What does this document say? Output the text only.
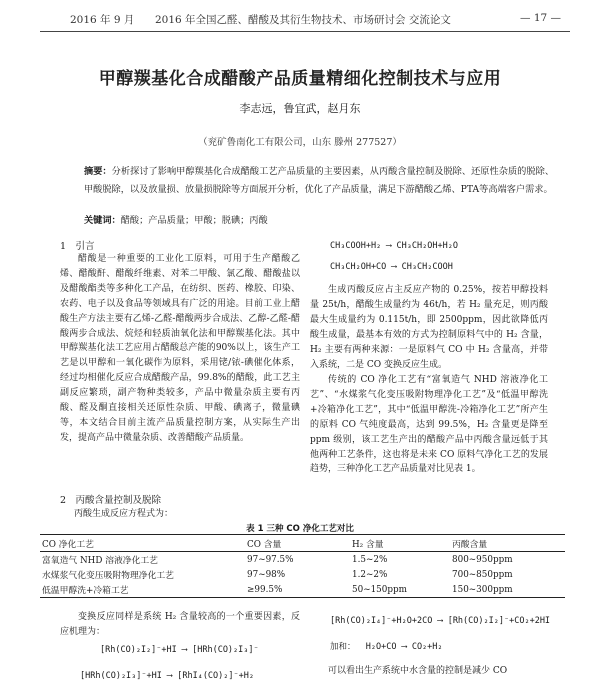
2016 年 9 月 2016 年全国乙醛、醋酸及其衍生物技术、市场研讨会 交流论文	— 17 —
甲醇羰基化合成醋酸产品质量精细化控制技术与应用
李志远，鲁宜武，赵月东
（兖矿鲁南化工有限公司，山东 滕州 277527）
摘要：分析探讨了影响甲醇羰基化合成醋酸工艺产品质量的主要因素，从丙酸含量控制及脱除、还原性杂质的脱除、甲酸脱除，以及放量损、放量损脱除等方面展开分析，优化了产品质量，满足下游醋酸乙烯、PTA等高端客户需求。
关键词：醋酸；产品质量；甲酸；脱碘；丙酸
1　引言
醋酸是一种重要的工业化工原料，可用于生产醋酸乙烯、醋酸酐、醋酸纤维素、对苯二甲酸、氯乙酸、醋酸盐以及醋酸酯类等多种化工产品，在纺织、医药、橡胶、印染、农药、电子以及食品等领域具有广泛的用途。目前工业上醋酸生产方法主要有乙烯-乙醛-醋酸两步合成法、乙醇-乙醛-醋酸两步合成法、烷烃和轻质油氧化法和甲醇羰基化法。其中甲醇羰基化法工艺应用占醋酸总产能的90%以上，该生产工艺是以甲醇和一氧化碳作为原料，采用铑/铱-碘催化体系，经过均相催化反应合成醋酸产品，99.8%的醋酸，此工艺主副反应繁琐，副产物种类较多，产品中微量杂质主要有丙酸、醛及酮直接相关还原性杂质、甲酸、碘离子，微量碘等，本文结合目前主流产品质量控制方案，从实际生产出发，提高产品中微量杂质、改善醋酸产品质量。
2　丙酸含量控制及脱除
丙酸生成反应方程式为：
CH₃COOH+H₂ ⟶ CH₃CH₂OH+H₂O
CH₃CH₂OH+CO ⟶ CH₃CH₂COOH
生成丙酸反应占主反应产物的 0.25%，按若甲醇投料量 25t/h，醋酸生成量约为 46t/h，若 H₂ 量充足，则丙酸最大生成量约为 0.115t/h，即 2500ppm，因此欲降低丙酸生成量，最基本有效的方式为控制原料气中的 H₂ 含量，H₂ 主要有两种来源：一是原料气 CO 中 H₂ 含量高，并带入系统，二是 CO 变换反应生成。
传统的 CO 净化工艺有“富氧造气 NHD 溶液净化工艺”、“水煤浆气化变压吸附物理净化工艺”及“低温甲醇洗+冷箱净化工艺”，其中“低温甲醇洗-冷箱净化工艺”所产生的原料 CO 气纯度最高，达到 99.5%，H₂ 含量更是降至 ppm 级别，该工艺生产出的醋酸产品中丙酸含量远低于其他两种工艺条件，这也将是未来 CO 原料气净化工艺的发展趋势，三种净化工艺产品质量对比见表 1。
表 1 三种 CO 净化工艺对比
CO 净化工艺	CO 含量	H₂ 含量	丙酸含量
富氧造气 NHD 溶液净化工艺	97~97.5%	1.5~2%	800~950ppm
水煤浆气化变压吸附物理净化工艺	97~98%	1.2~2%	700~850ppm
低温甲醇洗+冷箱工艺	≥99.5%	50~150ppm	150~300ppm
变换反应同样是系统 H₂ 含量较高的一个重要因素，反应机理为：
[Rh(CO)₂I₂]⁻+HI ⟶ [HRh(CO)₂I₃]⁻
[HRh(CO)₂I₃]⁻+HI ⟶ [RhI₄(CO)₂]⁻+H₂
[Rh(CO)₂I₄]⁻+H₂O+2CO ⟶ [Rh(CO)₂I₂]⁻+CO₂+2HI
加和： H₂O+CO ⟶ CO₂+H₂
可以看出生产系统中水含量的控制是减少 CO
